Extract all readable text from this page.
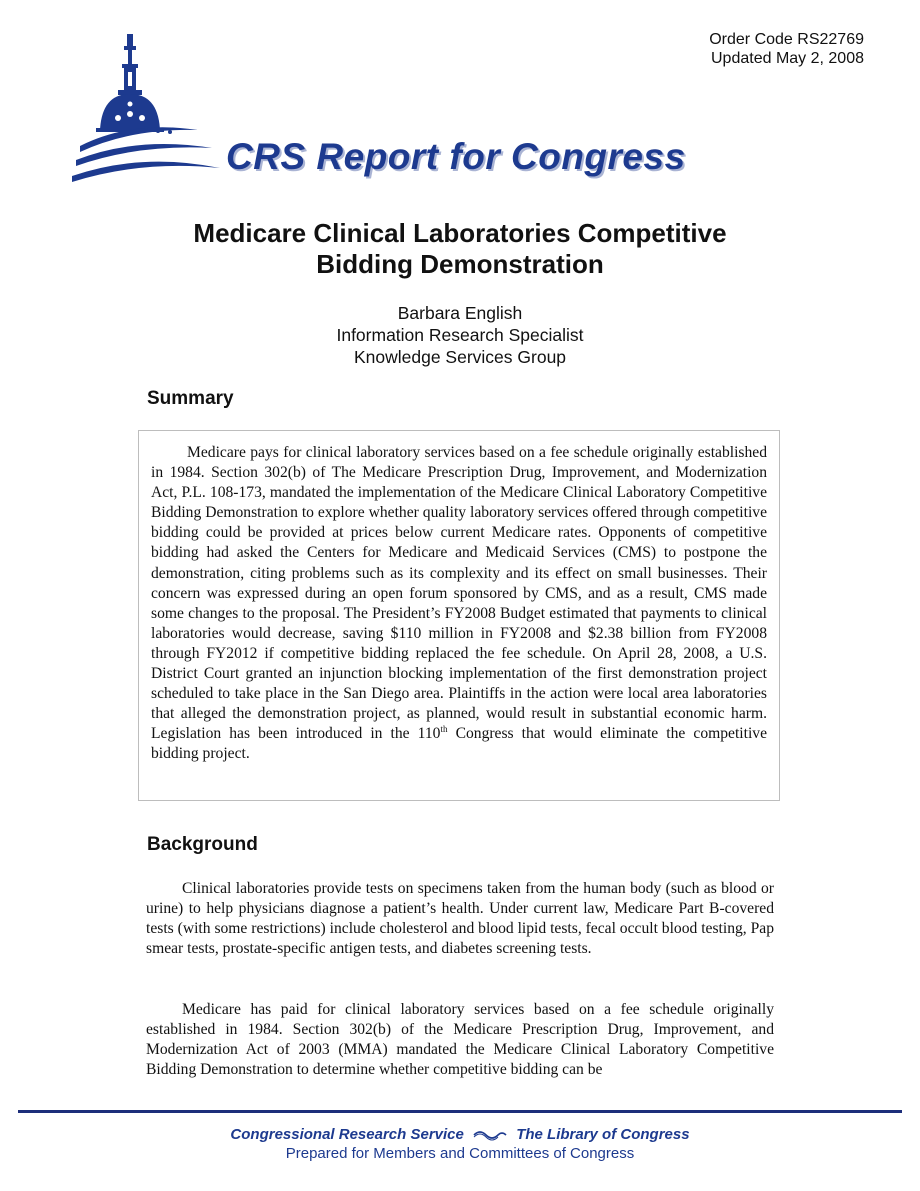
Order Code RS22769
Updated May 2, 2008
CRS Report for Congress
Medicare Clinical Laboratories Competitive
Bidding Demonstration
Barbara English
Information Research Specialist
Knowledge Services Group
Summary

Medicare pays for clinical laboratory services based on a fee schedule originally established in 1984. Section 302(b) of The Medicare Prescription Drug, Improvement, and Modernization Act, P.L. 108-173, mandated the implementation of the Medicare Clinical Laboratory Competitive Bidding Demonstration to explore whether quality laboratory services offered through competitive bidding could be provided at prices below current Medicare rates. Opponents of competitive bidding had asked the Centers for Medicare and Medicaid Services (CMS) to postpone the demonstration, citing problems such as its complexity and its effect on small businesses. Their concern was expressed during an open forum sponsored by CMS, and as a result, CMS made some changes to the proposal. The President’s FY2008 Budget estimated that payments to clinical laboratories would decrease, saving $110 million in FY2008 and $2.38 billion from FY2008 through FY2012 if competitive bidding replaced the fee schedule. On April 28, 2008, a U.S. District Court granted an injunction blocking implementation of the first demonstration project scheduled to take place in the San Diego area. Plaintiffs in the action were local area laboratories that alleged the demonstration project, as planned, would result in substantial economic harm. Legislation has been introduced in the 110th Congress that would eliminate the competitive bidding project.

Background

Clinical laboratories provide tests on specimens taken from the human body (such as blood or urine) to help physicians diagnose a patient’s health. Under current law, Medicare Part B-covered tests (with some restrictions) include cholesterol and blood lipid tests, fecal occult blood testing, Pap smear tests, prostate-specific antigen tests, and diabetes screening tests.

Medicare has paid for clinical laboratory services based on a fee schedule originally established in 1984. Section 302(b) of the Medicare Prescription Drug, Improvement, and Modernization Act of 2003 (MMA) mandated the Medicare Clinical Laboratory Competitive Bidding Demonstration to determine whether competitive bidding can be

Congressional Research Service	The Library of Congress
Prepared for Members and Committees of Congress
